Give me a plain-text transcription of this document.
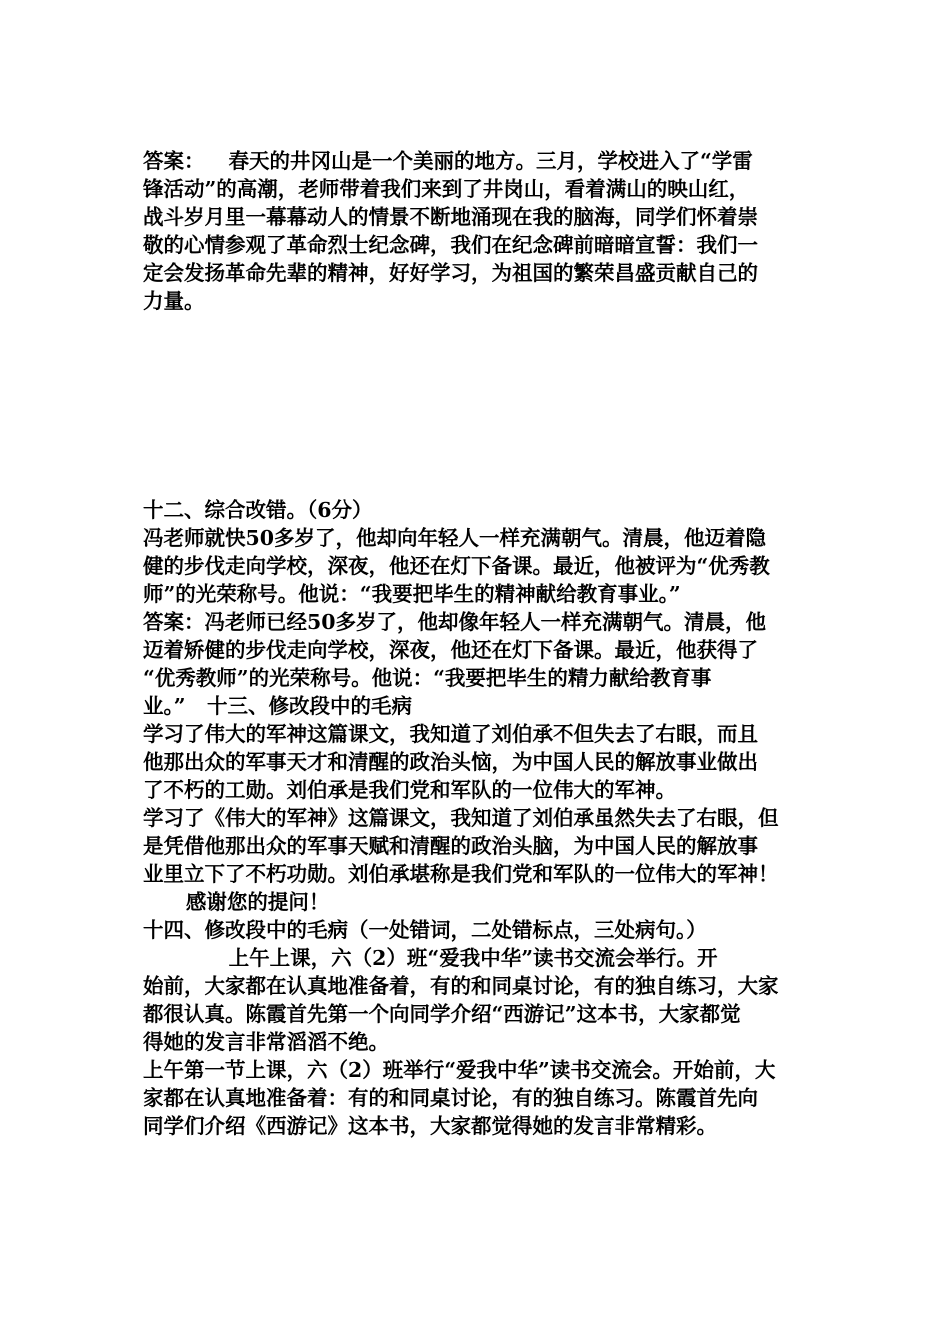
答案： 春天的井冈山是一个美丽的地方。三月，学校进入了“学雷

锋活动”的高潮，老师带着我们来到了井岗山，看着满山的映山红，

战斗岁月里一幕幕动人的情景不断地涌现在我的脑海，同学们怀着崇

敬的心情参观了革命烈士纪念碑，我们在纪念碑前暗暗宣誓：我们一

定会发扬革命先辈的精神，好好学习，为祖国的繁荣昌盛贡献自己的

力量。

十二、综合改错。（6分）

冯老师就快50多岁了，他却向年轻人一样充满朝气。清晨，他迈着隐

健的步伐走向学校，深夜，他还在灯下备课。最近，他被评为“优秀教

师”的光荣称号。他说：“我要把毕生的精神献给教育事业。”

答案：冯老师已经50多岁了，他却像年轻人一样充满朝气。清晨，他

迈着矫健的步伐走向学校，深夜，他还在灯下备课。最近，他获得了

“优秀教师”的光荣称号。他说：“我要把毕生的精力献给教育事

业。”   十三、修改段中的毛病

学习了伟大的军神这篇课文，我知道了刘伯承不但失去了右眼，而且

他那出众的军事天才和清醒的政治头恼，为中国人民的解放事业做出

了不朽的工勋。刘伯承是我们党和军队的一位伟大的军神。

学习了《伟大的军神》这篇课文，我知道了刘伯承虽然失去了右眼，但

是凭借他那出众的军事天赋和清醒的政治头脑，为中国人民的解放事

业里立下了不朽功勋。刘伯承堪称是我们党和军队的一位伟大的军神！

感谢您的提问！

十四、修改段中的毛病（一处错词，二处错标点，三处病句。）

上午上课，六（2）班“爱我中华”读书交流会举行。开

始前，大家都在认真地准备着，有的和同桌讨论，有的独自练习，大家

都很认真。陈霞首先第一个向同学介绍“西游记”这本书，大家都觉

得她的发言非常滔滔不绝。

上午第一节上课，六（2）班举行“爱我中华”读书交流会。开始前，大

家都在认真地准备着：有的和同桌讨论，有的独自练习。陈霞首先向

同学们介绍《西游记》这本书，大家都觉得她的发言非常精彩。
